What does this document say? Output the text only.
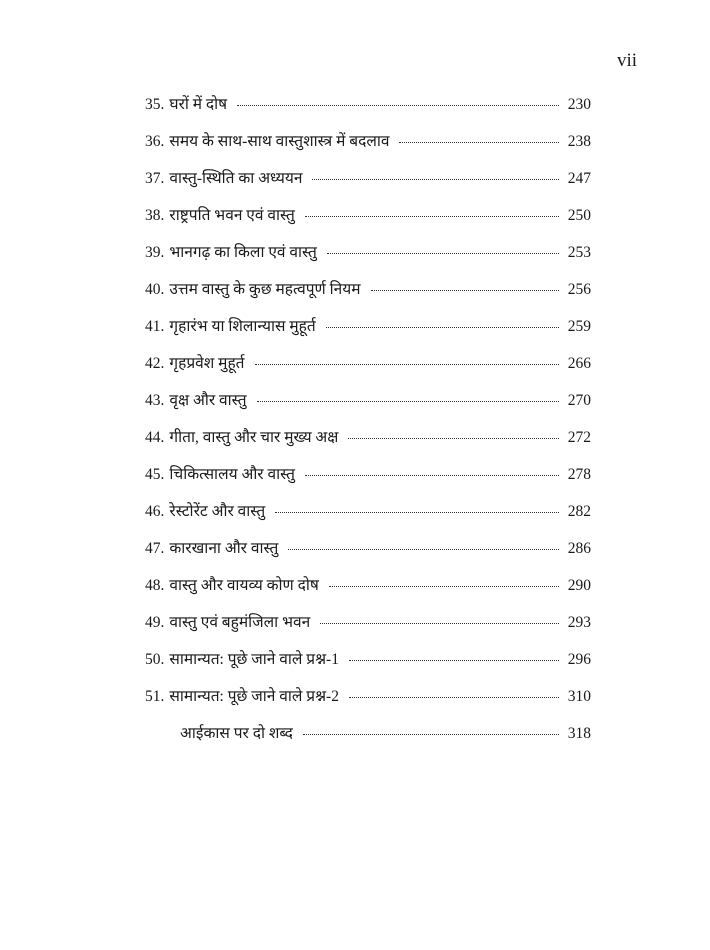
vii
35. घरों में दोष	230
36. समय के साथ-साथ वास्तुशास्त्र में बदलाव	238
37. वास्तु-स्थिति का अध्ययन	247
38. राष्ट्रपति भवन एवं वास्तु	250
39. भानगढ़ का किला एवं वास्तु	253
40. उत्तम वास्तु के कुछ महत्वपूर्ण नियम	256
41. गृहारंभ या शिलान्यास मुहूर्त	259
42. गृहप्रवेश मुहूर्त	266
43. वृक्ष और वास्तु	270
44. गीता, वास्तु और चार मुख्य अक्ष	272
45. चिकित्सालय और वास्तु	278
46. रेस्टोरेंट और वास्तु	282
47. कारखाना और वास्तु	286
48. वास्तु और वायव्य कोण दोष	290
49. वास्तु एवं बहुमंजिला भवन	293
50. सामान्यत: पूछे जाने वाले प्रश्न-1	296
51. सामान्यत: पूछे जाने वाले प्रश्न-2	310
आईकास पर दो शब्द	318
